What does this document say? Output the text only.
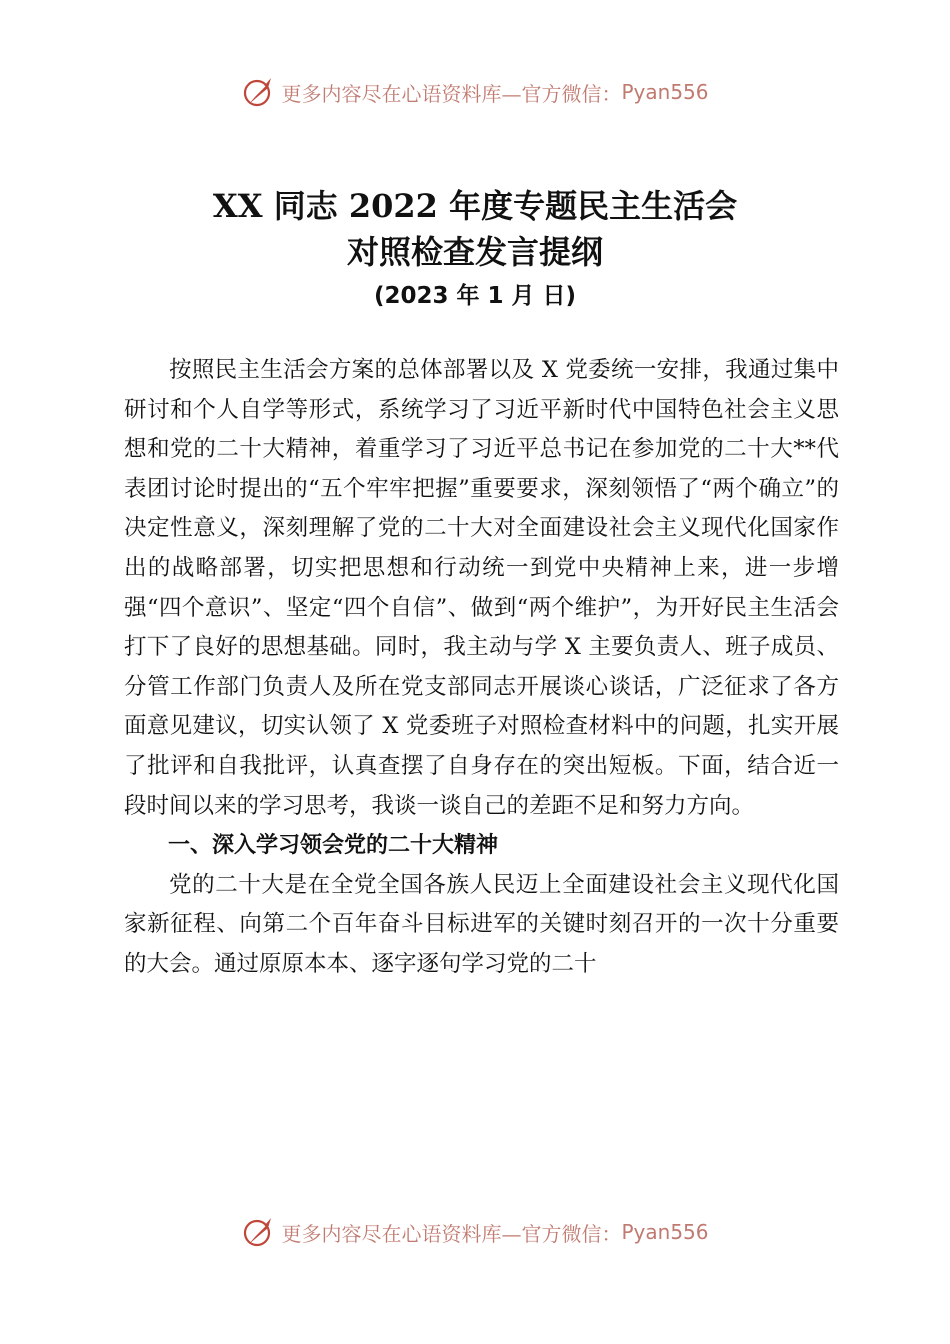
更多内容尽在心语资料库—官方微信： Pyan556
XX 同志 2022 年度专题民主生活会
对照检查发言提纲
(2023 年 1 月 日)

按照民主生活会方案的总体部署以及 X 党委统一安排，我通过集中研讨和个人自学等形式，系统学习了习近平新时代中国特色社会主义思想和党的二十大精神，着重学习了习近平总书记在参加党的二十大**代表团讨论时提出的“五个牢牢把握”重要要求，深刻领悟了“两个确立”的决定性意义，深刻理解了党的二十大对全面建设社会主义现代化国家作出的战略部署，切实把思想和行动统一到党中央精神上来，进一步增强“四个意识”、坚定“四个自信”、做到“两个维护”，为开好民主生活会打下了良好的思想基础。同时，我主动与学 X 主要负责人、班子成员、分管工作部门负责人及所在党支部同志开展谈心谈话，广泛征求了各方面意见建议，切实认领了 X 党委班子对照检查材料中的问题，扎实开展了批评和自我批评，认真查摆了自身存在的突出短板。下面，结合近一段时间以来的学习思考，我谈一谈自己的差距不足和努力方向。

一、深入学习领会党的二十大精神

党的二十大是在全党全国各族人民迈上全面建设社会主义现代化国家新征程、向第二个百年奋斗目标进军的关键时刻召开的一次十分重要的大会。通过原原本本、逐字逐句学习党的二十

更多内容尽在心语资料库—官方微信： Pyan556
